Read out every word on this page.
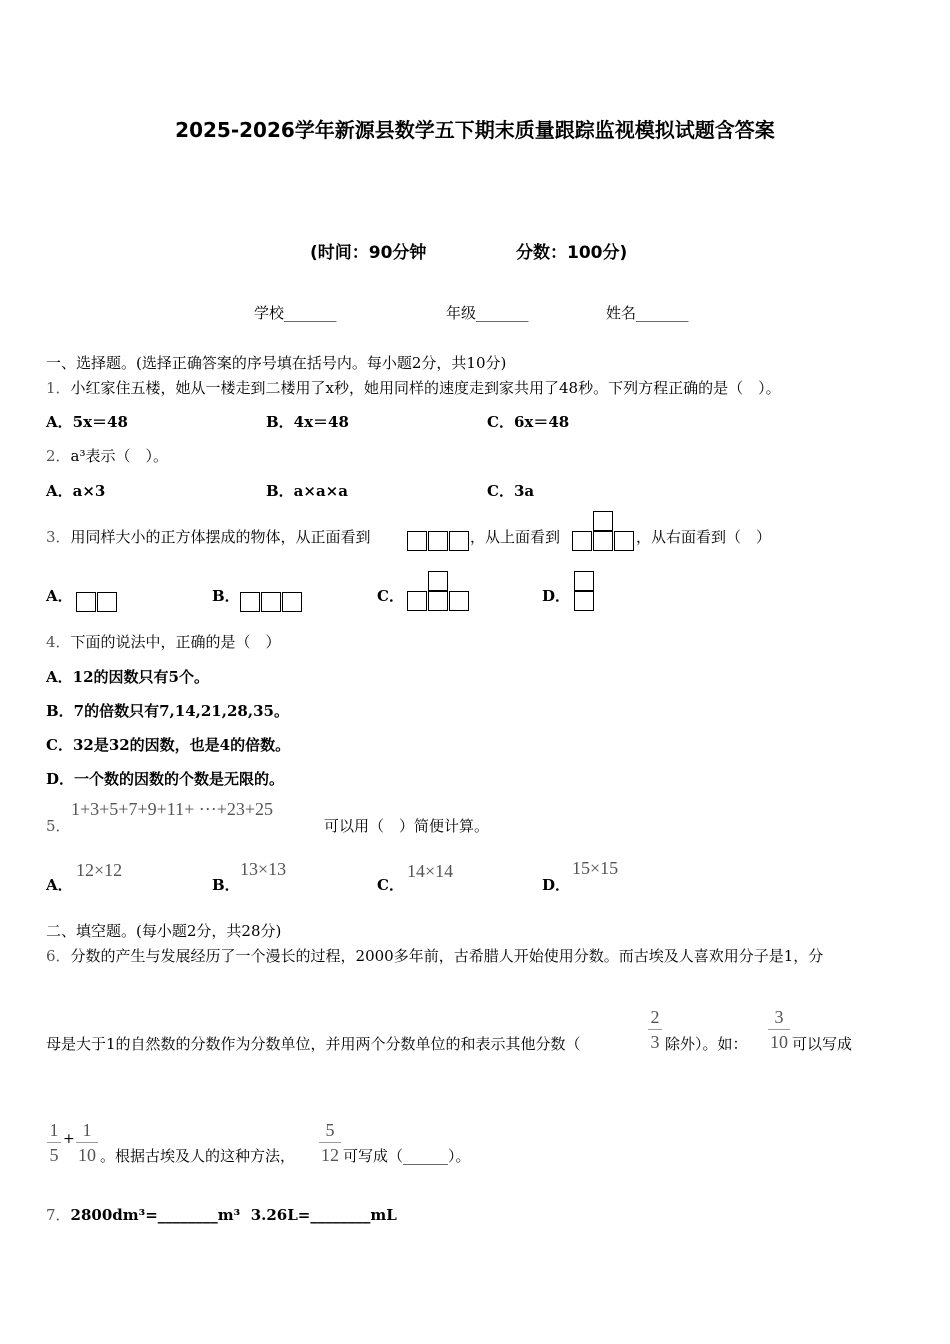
2025-2026学年新源县数学五下期末质量跟踪监视模拟试题含答案
(时间：90分钟	分数：100分)
学校_______	年级_______	姓名_______
一、选择题。(选择正确答案的序号填在括号内。每小题2分，共10分)
1．小红家住五楼，她从一楼走到二楼用了x秒，她用同样的速度走到家共用了48秒。下列方程正确的是（　）。
A．5x＝48	B．4x＝48	C．6x＝48
2．a³表示（　）。
A．a×3	B．a×a×a	C．3a
3．用同样大小的正方体摆成的物体，从正面看到	，从上面看到	，从右面看到（　）
A．	B．	C．	D．
4．下面的说法中，正确的是（　）
A．12的因数只有5个。
B．7的倍数只有7,14,21,28,35。
C．32是32的因数，也是4的倍数。
D．一个数的因数的个数是无限的。
5．
1+3+5+7+9+11+ ···+23+25
可以用（　）简便计算。
A．
12×12
B．
13×13
C．
14×14
D．
15×15
二、填空题。(每小题2分，共28分)
6．分数的产生与发展经历了一个漫长的过程，2000多年前，古希腊人开始使用分数。而古埃及人喜欢用分子是1，分
母是大于1的自然数的分数作为分数单位，并用两个分数单位的和表示其他分数（
2
3 除外）。如：
3
10 可以写成
1
5
+ 1
10 。根据古埃及人的这种方法，
5
12 可写成（______）。
7．2800dm³=________m³ 3.26L=________mL
